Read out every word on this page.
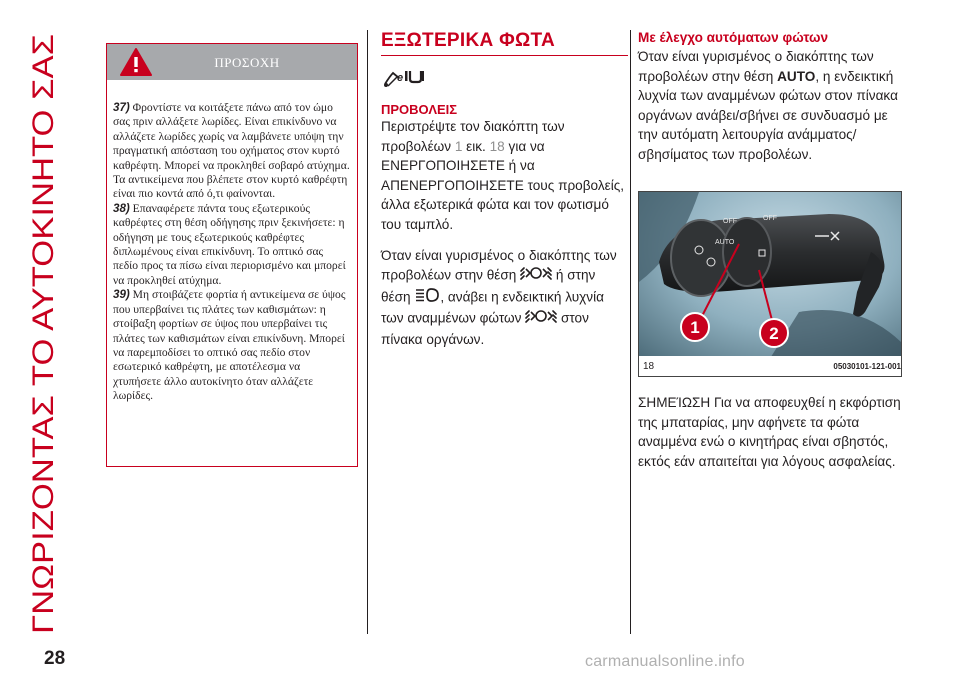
ΓΝΩΡΙΖΟΝΤΑΣ ΤΟ ΑΥΤΟΚΙΝΗΤΟ ΣΑΣ
28	carmanualsonline.info
ΠΡΟΣΟΧΗ

37) Φροντίστε να κοιτάξετε πάνω από τον ώμο σας πριν αλλάξετε λωρίδες. Είναι επικίνδυνο να αλλάζετε λωρίδες χωρίς να λαμβάνετε υπόψη την πραγματική απόσταση του οχήματος στον κυρτό καθρέφτη. Μπορεί να προκληθεί σοβαρό ατύχημα. Τα αντικείμενα που βλέπετε στον κυρτό καθρέφτη είναι πιο κοντά από ό,τι φαίνονται.

38) Επαναφέρετε πάντα τους εξωτερικούς καθρέφτες στη θέση οδήγησης πριν ξεκινήσετε: η οδήγηση με τους εξωτερικούς καθρέφτες διπλωμένους είναι επικίνδυνη. Το οπτικό σας πεδίο προς τα πίσω είναι περιορισμένο και μπορεί να προκληθεί ατύχημα.

39) Μη στοιβάζετε φορτία ή αντικείμενα σε ύψος που υπερβαίνει τις πλάτες των καθισμάτων: η στοίβαξη φορτίων σε ύψος που υπερβαίνει τις πλάτες των καθισμάτων είναι επικίνδυνη. Μπορεί να παρεμποδίσει το οπτικό σας πεδίο στον εσωτερικό καθρέφτη, με αποτέλεσμα να χτυπήσετε άλλο αυτοκίνητο όταν αλλάζετε λωρίδες.

ΕΞΩΤΕΡΙΚΑ ΦΩΤΑ
e
ΠΡΟΒΟΛΕΙΣ

Περιστρέψτε τον διακόπτη των προβολέων 1 εικ. 18 για να ΕΝΕΡΓΟΠΟΙΗΣΕΤΕ ή να ΑΠΕΝΕΡΓΟΠΟΙΗΣΕΤΕ τους προβολείς, άλλα εξωτερικά φώτα και τον φωτισμό του ταμπλό.

Όταν είναι γυρισμένος ο διακόπτης των προβολέων στην θέση  ή στην θέση , ανάβει η ενδεικτική λυχνία των αναμμένων φώτων  στον πίνακα οργάνων.

Με έλεγχο αυτόματων φώτων

Όταν είναι γυρισμένος ο διακόπτης των προβολέων στην θέση AUTO, η ενδεικτική λυχνία των αναμμένων φώτων στον πίνακα οργάνων ανάβει/σβήνει σε συνδυασμό με την αυτόματη λειτουργία ανάμματος/σβησίματος των προβολέων.

OFF
AUTO
OFF
1	2
18	05030101-121-001

ΣΗΜΕΊΩΣΗ Για να αποφευχθεί η εκφόρτιση της μπαταρίας, μην αφήνετε τα φώτα αναμμένα ενώ ο κινητήρας είναι σβηστός, εκτός εάν απαιτείται για λόγους ασφαλείας.
